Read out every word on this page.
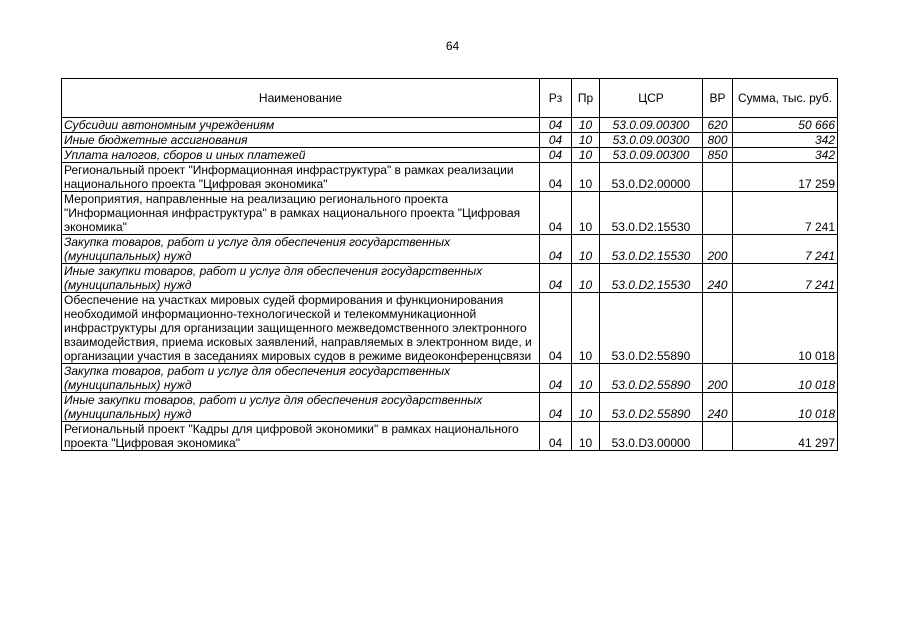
64
Наименование	Рз	Пр	ЦСР	ВР	Сумма, тыс. руб.
Субсидии автономным учреждениям	04	10	53.0.09.00300	620	50 666
Иные бюджетные ассигнования	04	10	53.0.09.00300	800	342
Уплата налогов, сборов и иных платежей	04	10	53.0.09.00300	850	342
Региональный проект "Информационная инфраструктура" в рамках реализации национального проекта "Цифровая экономика"	04	10	53.0.D2.00000		17 259
Мероприятия, направленные на реализацию регионального проекта "Информационная инфраструктура" в рамках национального проекта "Цифровая экономика"	04	10	53.0.D2.15530		7 241
Закупка товаров, работ и услуг для обеспечения государственных (муниципальных) нужд	04	10	53.0.D2.15530	200	7 241
Иные закупки товаров, работ и услуг для обеспечения государственных (муниципальных) нужд	04	10	53.0.D2.15530	240	7 241
Обеспечение на участках мировых судей формирования и функционирования необходимой информационно-технологической и телекоммуникационной инфраструктуры для организации защищенного межведомственного электронного взаимодействия, приема исковых заявлений, направляемых в электронном виде, и организации участия в заседаниях мировых судов в режиме видеоконференцсвязи	04	10	53.0.D2.55890		10 018
Закупка товаров, работ и услуг для обеспечения государственных (муниципальных) нужд	04	10	53.0.D2.55890	200	10 018
Иные закупки товаров, работ и услуг для обеспечения государственных (муниципальных) нужд	04	10	53.0.D2.55890	240	10 018
Региональный проект "Кадры для цифровой экономики" в рамках национального проекта "Цифровая экономика"	04	10	53.0.D3.00000		41 297
